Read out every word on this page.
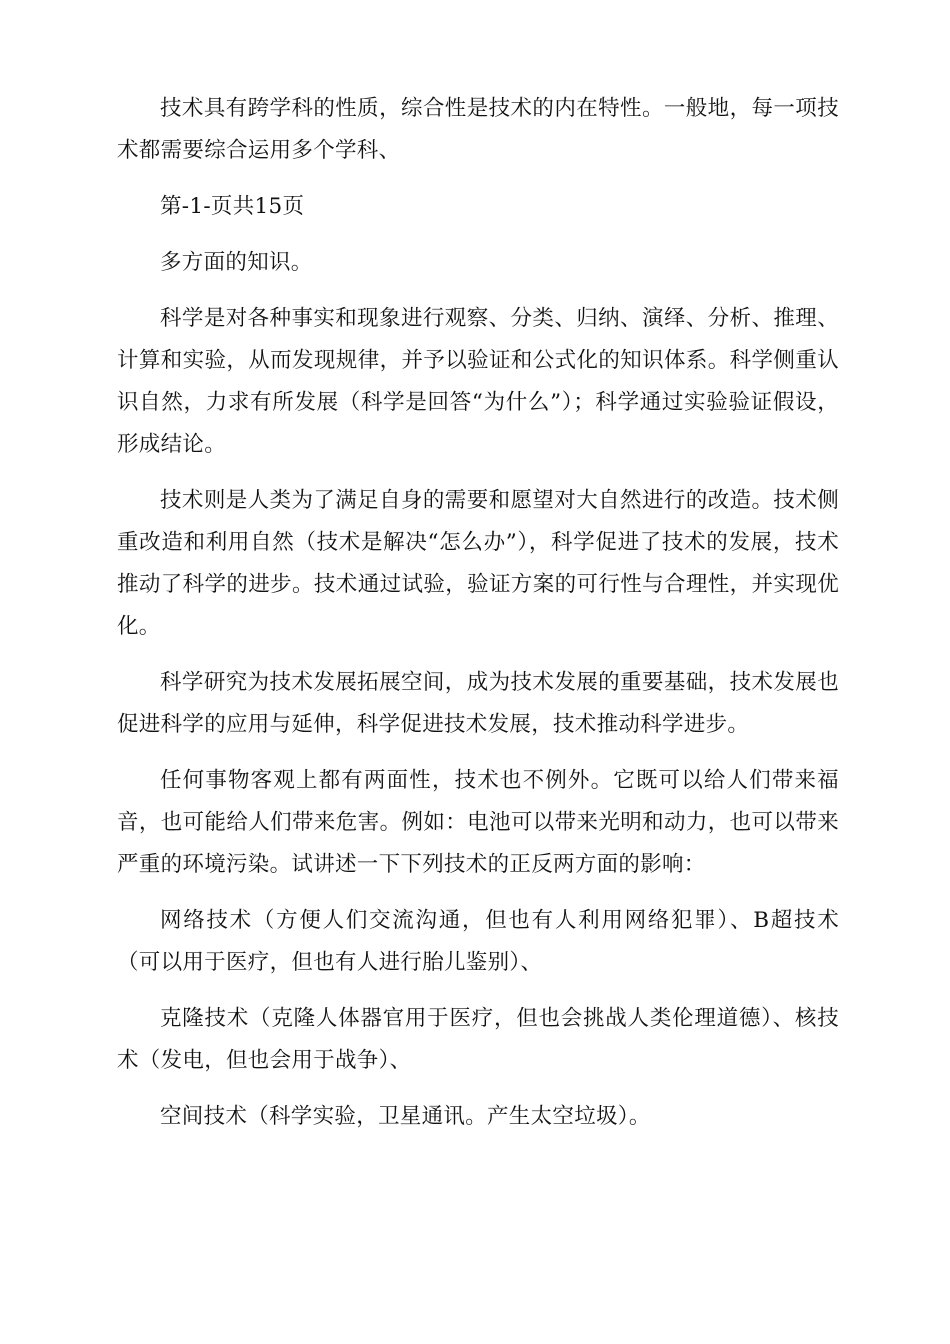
技术具有跨学科的性质，综合性是技术的内在特性。一般地，每一项技术都需要综合运用多个学科、

第-1-页共15页

多方面的知识。

科学是对各种事实和现象进行观察、分类、归纳、演绎、分析、推理、计算和实验，从而发现规律，并予以验证和公式化的知识体系。科学侧重认识自然，力求有所发展（科学是回答“为什么”）；科学通过实验验证假设，形成结论。

技术则是人类为了满足自身的需要和愿望对大自然进行的改造。技术侧重改造和利用自然（技术是解决“怎么办”），科学促进了技术的发展，技术推动了科学的进步。技术通过试验，验证方案的可行性与合理性，并实现优化。

科学研究为技术发展拓展空间，成为技术发展的重要基础，技术发展也促进科学的应用与延伸，科学促进技术发展，技术推动科学进步。

任何事物客观上都有两面性，技术也不例外。它既可以给人们带来福音，也可能给人们带来危害。例如：电池可以带来光明和动力，也可以带来严重的环境污染。试讲述一下下列技术的正反两方面的影响：

网络技术（方便人们交流沟通，但也有人利用网络犯罪）、B超技术（可以用于医疗，但也有人进行胎儿鉴别）、

克隆技术（克隆人体器官用于医疗，但也会挑战人类伦理道德）、核技术（发电，但也会用于战争）、

空间技术（科学实验，卫星通讯。产生太空垃圾）。
